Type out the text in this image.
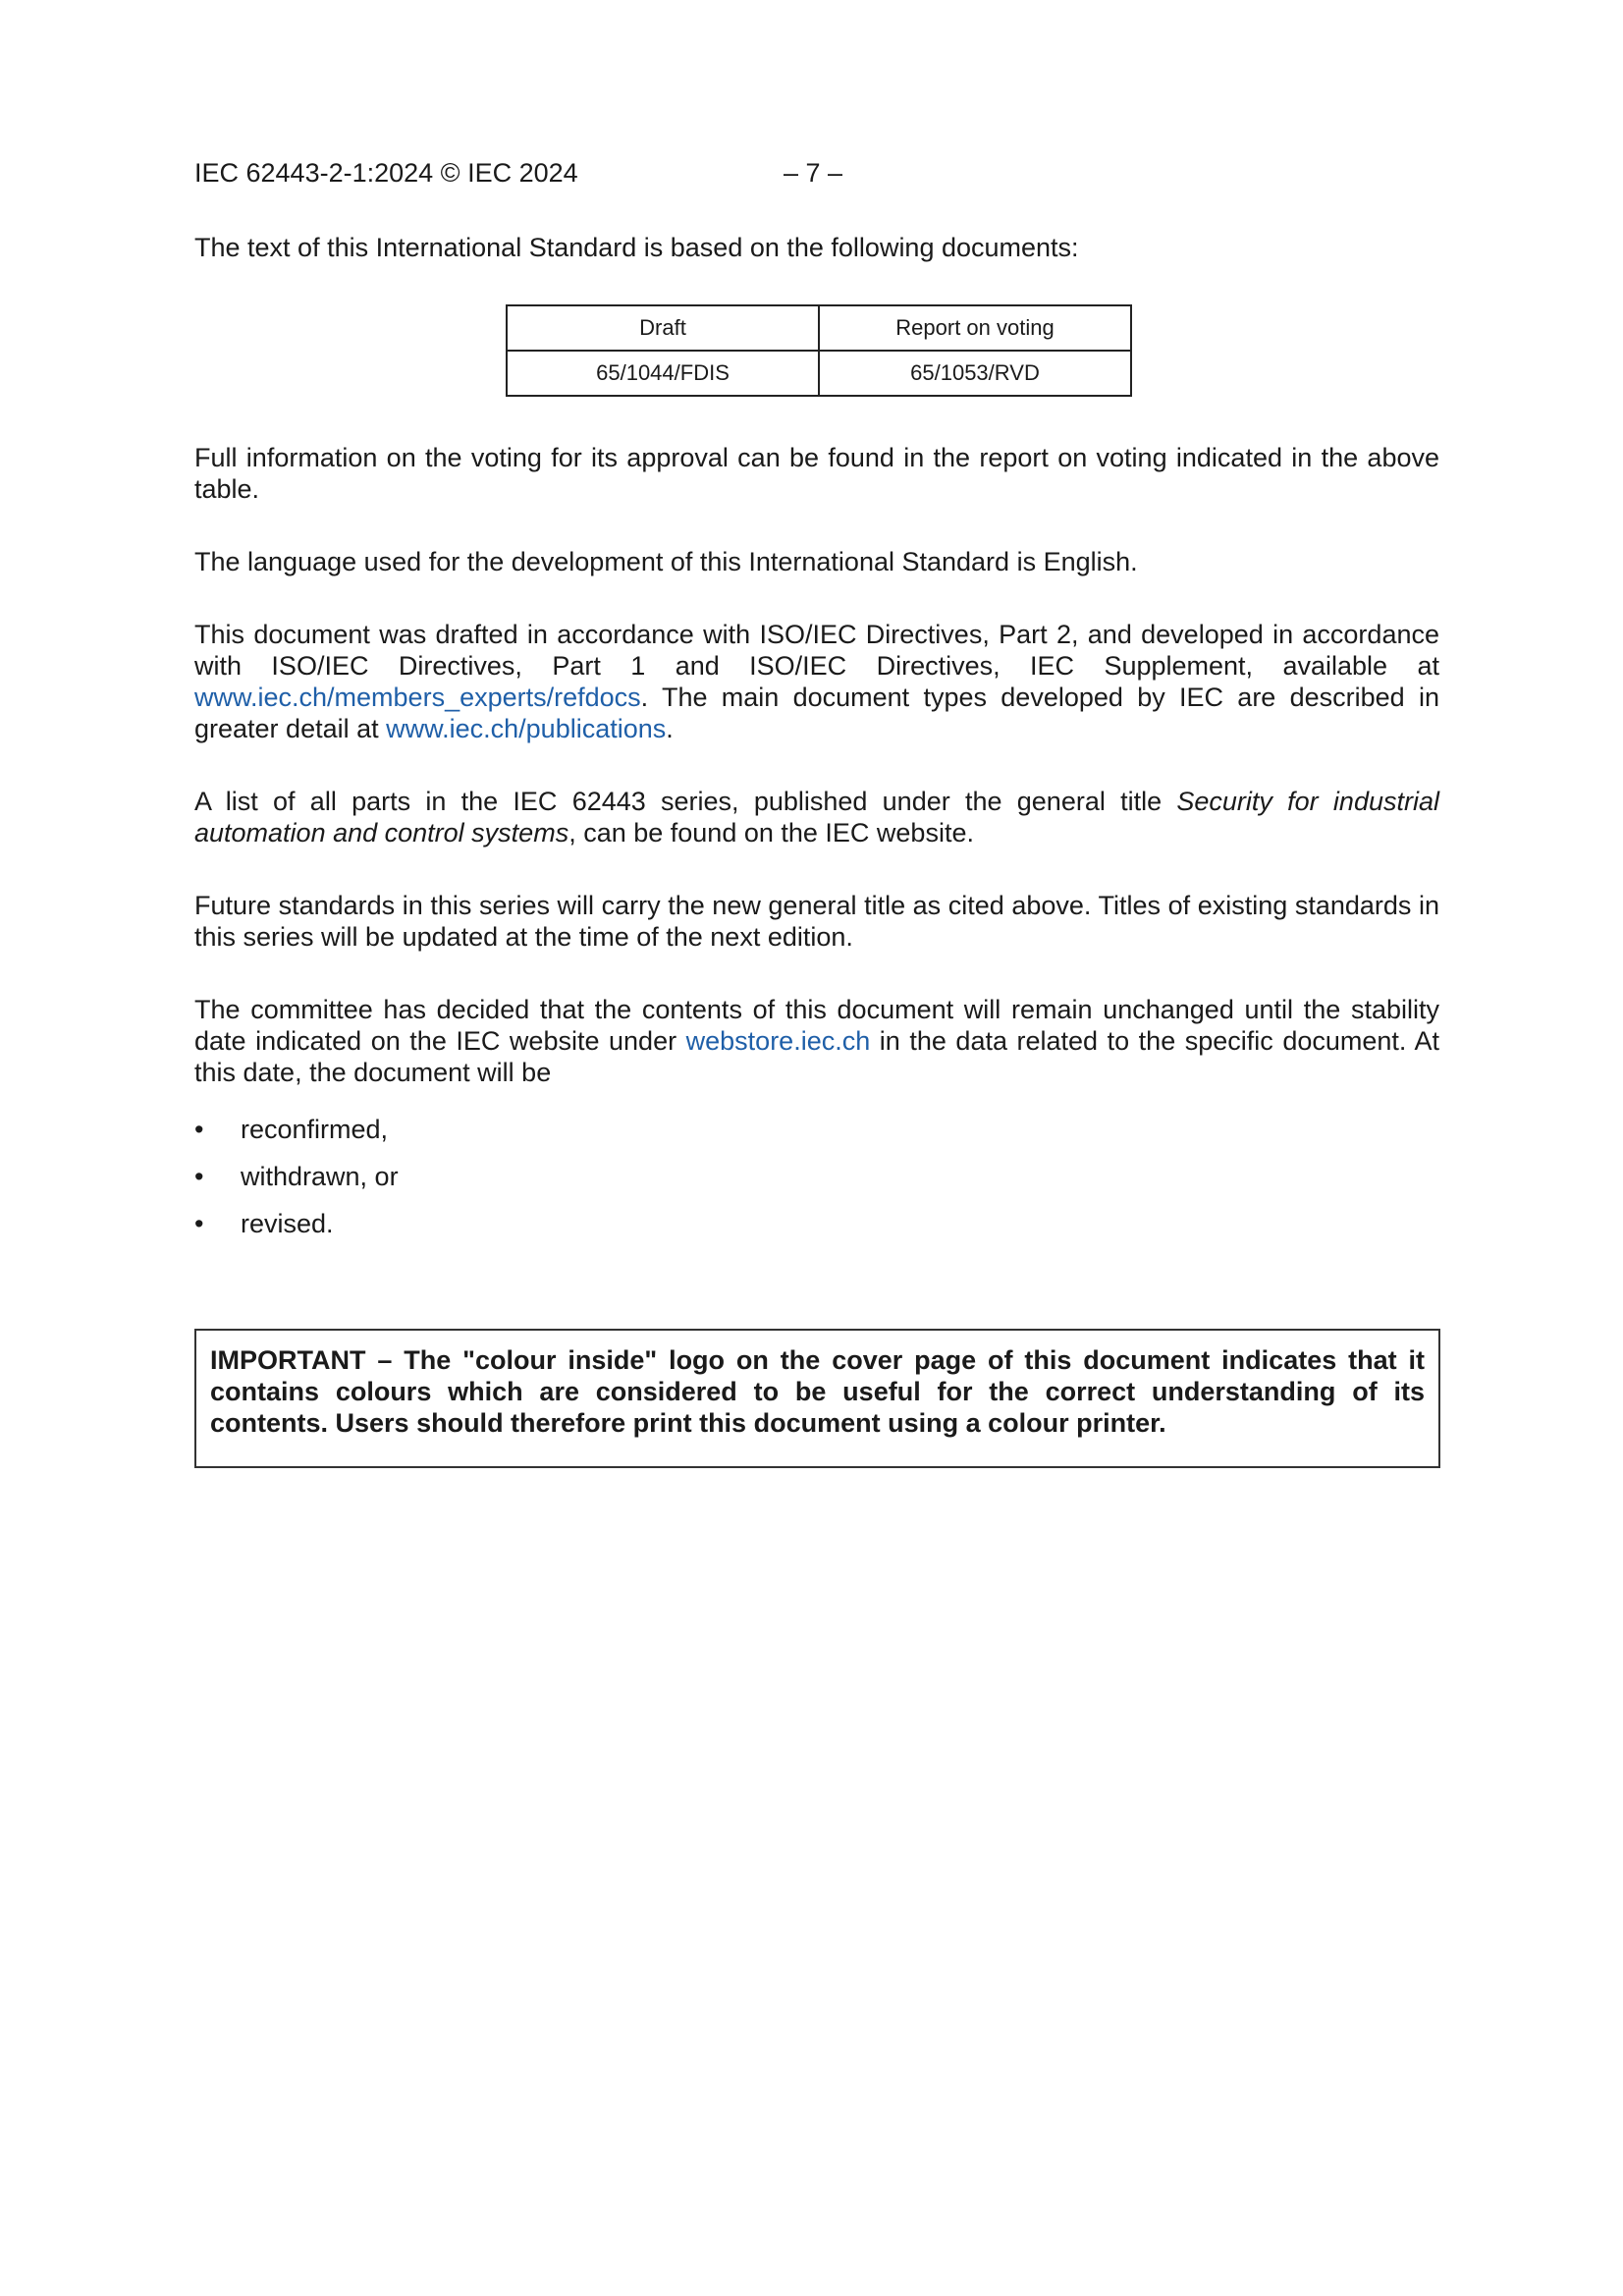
IEC 62443-2-1:2024 © IEC 2024	– 7 –

The text of this International Standard is based on the following documents:

Draft	Report on voting
65/1044/FDIS	65/1053/RVD

Full information on the voting for its approval can be found in the report on voting indicated in the above table.

The language used for the development of this International Standard is English.

This document was drafted in accordance with ISO/IEC Directives, Part 2, and developed in accordance with ISO/IEC Directives, Part 1 and ISO/IEC Directives, IEC Supplement, available at www.iec.ch/members_experts/refdocs. The main document types developed by IEC are described in greater detail at www.iec.ch/publications.

A list of all parts in the IEC 62443 series, published under the general title Security for industrial automation and control systems, can be found on the IEC website.

Future standards in this series will carry the new general title as cited above. Titles of existing standards in this series will be updated at the time of the next edition.

The committee has decided that the contents of this document will remain unchanged until the stability date indicated on the IEC website under webstore.iec.ch in the data related to the specific document. At this date, the document will be

•	reconfirmed,
•	withdrawn, or
•	revised.
IMPORTANT – The "colour inside" logo on the cover page of this document indicates that it contains colours which are considered to be useful for the correct understanding of its contents. Users should therefore print this document using a colour printer.
